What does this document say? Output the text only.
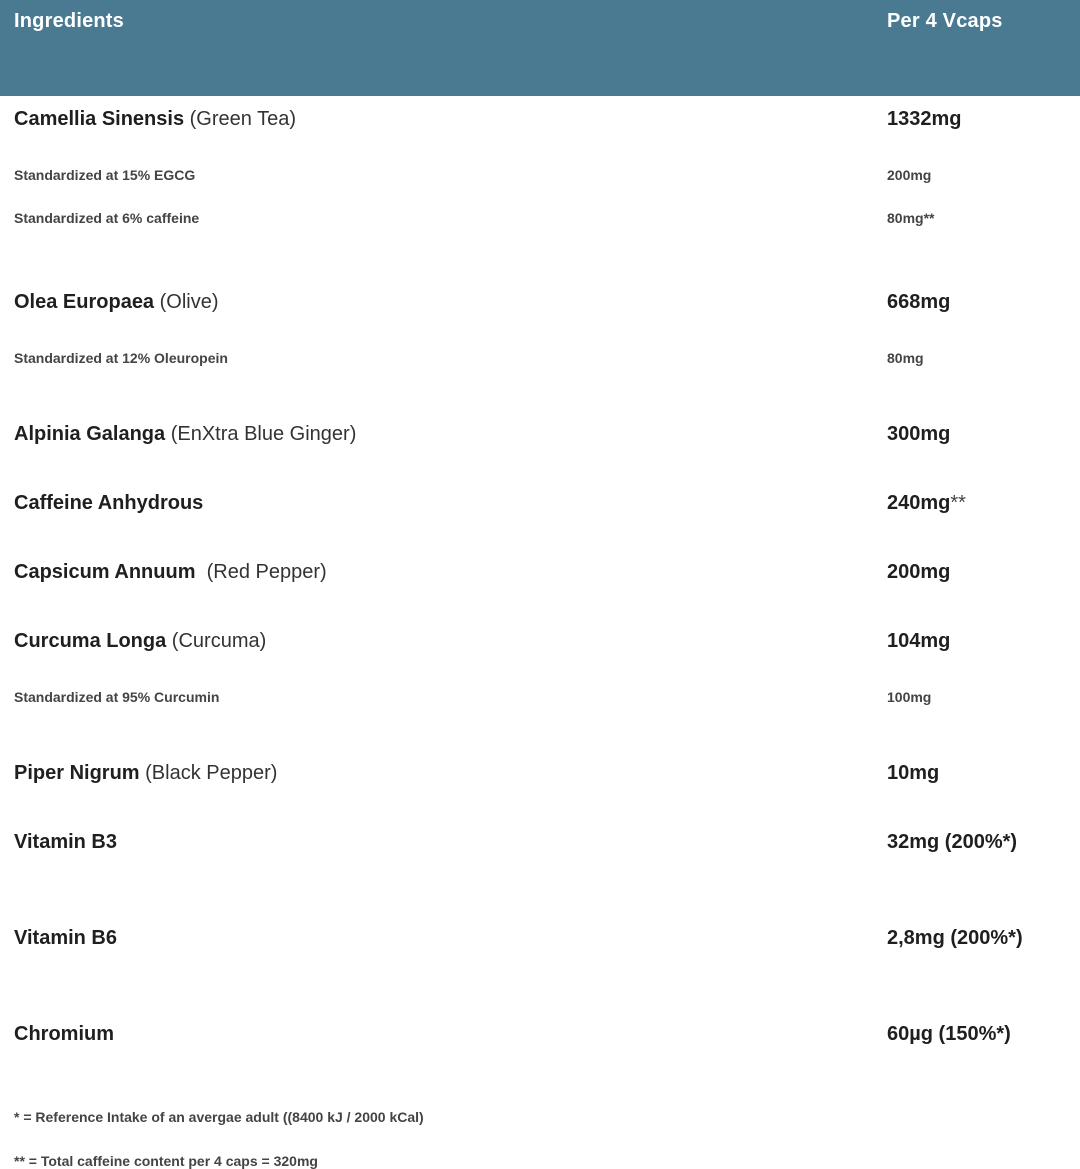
Ingredients	Per 4 Vcaps
Camellia Sinensis (Green Tea)	1332mg
Standardized at 15% EGCG	200mg
Standardized at 6% caffeine	80mg**
Olea Europaea (Olive)	668mg
Standardized at 12% Oleuropein	80mg
Alpinia Galanga (EnXtra Blue Ginger)	300mg
Caffeine Anhydrous	240mg**
Capsicum Annuum  (Red Pepper)	200mg
Curcuma Longa (Curcuma)	104mg
Standardized at 95% Curcumin	100mg
Piper Nigrum (Black Pepper)	10mg
Vitamin B3	32mg (200%*)
Vitamin B6	2,8mg (200%*)
Chromium	60µg (150%*)
* = Reference Intake of an avergae adult ((8400 kJ / 2000 kCal)
** = Total caffeine content per 4 caps = 320mg
